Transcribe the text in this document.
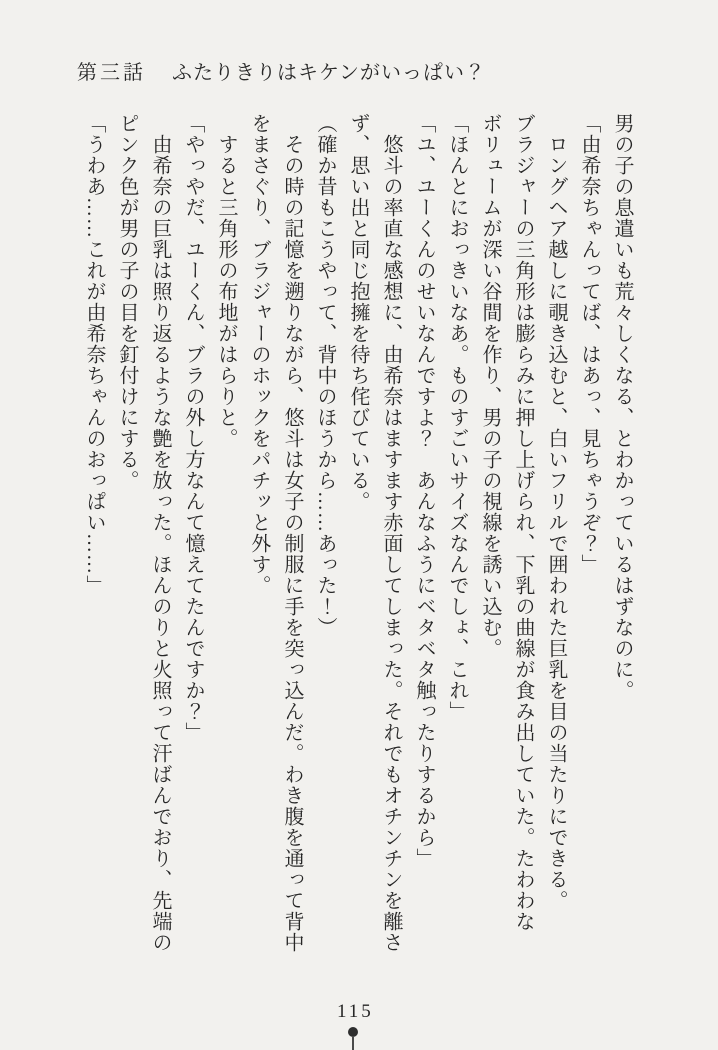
第三話 ふたりきりはキケンがいっぱい？

男の子の息遣いも荒々しくなる、とわかっているはずなのに。

「由希奈ちゃんってば、はあっ、見ちゃうぞ？」

　ロングヘア越しに覗き込むと、白いフリルで囲われた巨乳を目の当たりにできる。

ブラジャーの三角形は膨らみに押し上げられ、下乳の曲線が食み出していた。たわわな

ボリュームが深い谷間を作り、男の子の視線を誘い込む。

「ほんとにおっきいなあ。ものすごいサイズなんでしょ、これ」

「ユ、ユーくんのせいなんですよ？　あんなふうにベタベタ触ったりするから」

　悠斗の率直な感想に、由希奈はますます赤面してしまった。それでもオチンチンを離さ

ず、思い出と同じ抱擁を待ち侘びている。

（確か昔もこうやって、背中のほうから……あった！）

　その時の記憶を遡りながら、悠斗は女子の制服に手を突っ込んだ。わき腹を通って背中

をまさぐり、ブラジャーのホックをパチッと外す。

　すると三角形の布地がはらりと。

「やっやだ、ユーくん、ブラの外し方なんて憶えてたんですか？」

　由希奈の巨乳は照り返るような艶を放った。ほんのりと火照って汗ばんでおり、先端の

ピンク色が男の子の目を釘付けにする。

「うわあ……これが由希奈ちゃんのおっぱい……」

115
